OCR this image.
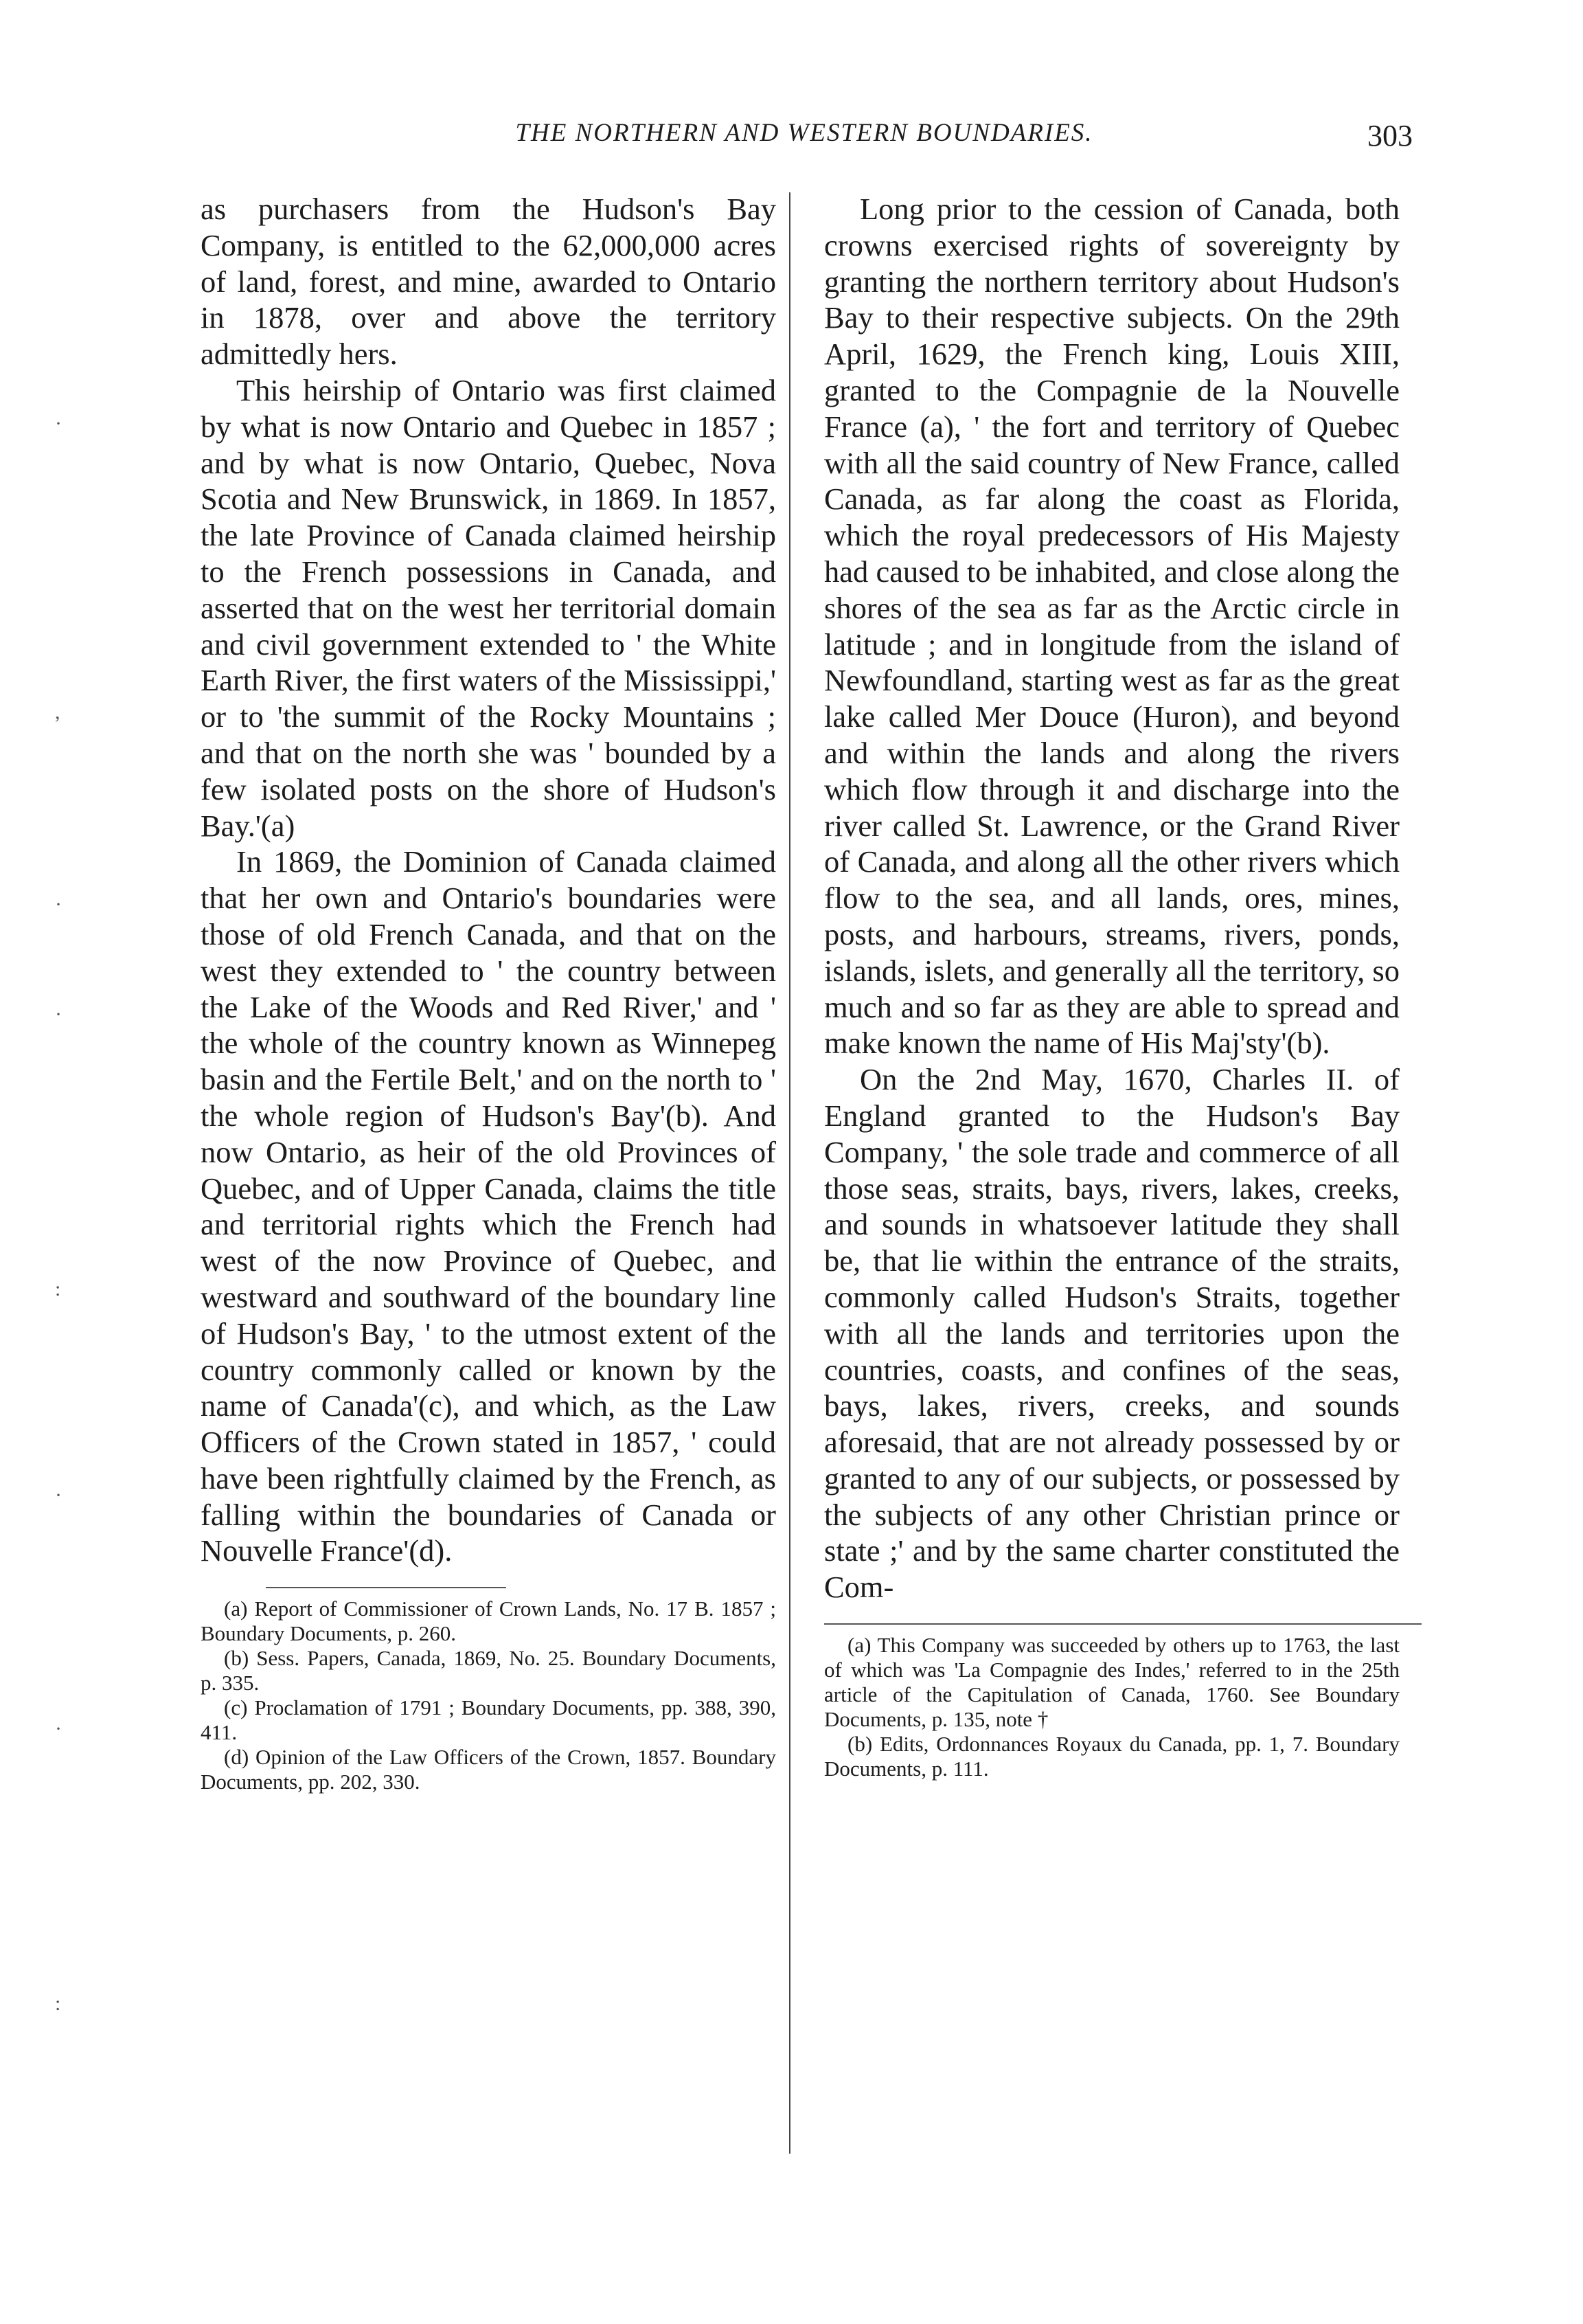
THE NORTHERN AND WESTERN BOUNDARIES.	303
·
,
·
·
:
·
·
:

as purchasers from the Hudson's Bay Company, is entitled to the 62,000,000 acres of land, forest, and mine, awarded to Ontario in 1878, over and above the territory admittedly hers.

This heirship of Ontario was first claimed by what is now Ontario and Quebec in 1857 ; and by what is now Ontario, Quebec, Nova Scotia and New Brunswick, in 1869. In 1857, the late Province of Canada claimed heirship to the French possessions in Canada, and asserted that on the west her territorial domain and civil government extended to ' the White Earth River, the first waters of the Mississippi,' or to 'the summit of the Rocky Mountains ; and that on the north she was ' bounded by a few isolated posts on the shore of Hudson's Bay.'(a)

In 1869, the Dominion of Canada claimed that her own and Ontario's boundaries were those of old French Canada, and that on the west they extended to ' the country between the Lake of the Woods and Red River,' and ' the whole of the country known as Winnepeg basin and the Fertile Belt,' and on the north to ' the whole region of Hudson's Bay'(b). And now Ontario, as heir of the old Provinces of Quebec, and of Upper Canada, claims the title and territorial rights which the French had west of the now Province of Quebec, and westward and southward of the boundary line of Hudson's Bay, ' to the utmost extent of the country commonly called or known by the name of Canada'(c), and which, as the Law Officers of the Crown stated in 1857, ' could have been rightfully claimed by the French, as falling within the boundaries of Canada or Nouvelle France'(d).

(a) Report of Commissioner of Crown Lands, No. 17 B. 1857 ; Boundary Documents, p. 260.

(b) Sess. Papers, Canada, 1869, No. 25. Boundary Documents, p. 335.

(c) Proclamation of 1791 ; Boundary Documents, pp. 388, 390, 411.

(d) Opinion of the Law Officers of the Crown, 1857. Boundary Documents, pp. 202, 330.

Long prior to the cession of Canada, both crowns exercised rights of sovereignty by granting the northern territory about Hudson's Bay to their respective subjects. On the 29th April, 1629, the French king, Louis XIII, granted to the Compagnie de la Nouvelle France (a), ' the fort and territory of Quebec with all the said country of New France, called Canada, as far along the coast as Florida, which the royal predecessors of His Majesty had caused to be inhabited, and close along the shores of the sea as far as the Arctic circle in latitude ; and in longitude from the island of Newfoundland, starting west as far as the great lake called Mer Douce (Huron), and beyond and within the lands and along the rivers which flow through it and discharge into the river called St. Lawrence, or the Grand River of Canada, and along all the other rivers which flow to the sea, and all lands, ores, mines, posts, and harbours, streams, rivers, ponds, islands, islets, and generally all the territory, so much and so far as they are able to spread and make known the name of His Maj'sty'(b).

On the 2nd May, 1670, Charles II. of England granted to the Hudson's Bay Company, ' the sole trade and commerce of all those seas, straits, bays, rivers, lakes, creeks, and sounds in whatsoever latitude they shall be, that lie within the entrance of the straits, commonly called Hudson's Straits, together with all the lands and territories upon the countries, coasts, and confines of the seas, bays, lakes, rivers, creeks, and sounds aforesaid, that are not already possessed by or granted to any of our subjects, or possessed by the subjects of any other Christian prince or state ;' and by the same charter constituted the Com-

(a) This Company was succeeded by others up to 1763, the last of which was 'La Compagnie des Indes,' referred to in the 25th article of the Capitulation of Canada, 1760. See Boundary Documents, p. 135, note †

(b) Edits, Ordonnances Royaux du Canada, pp. 1, 7. Boundary Documents, p. 111.
